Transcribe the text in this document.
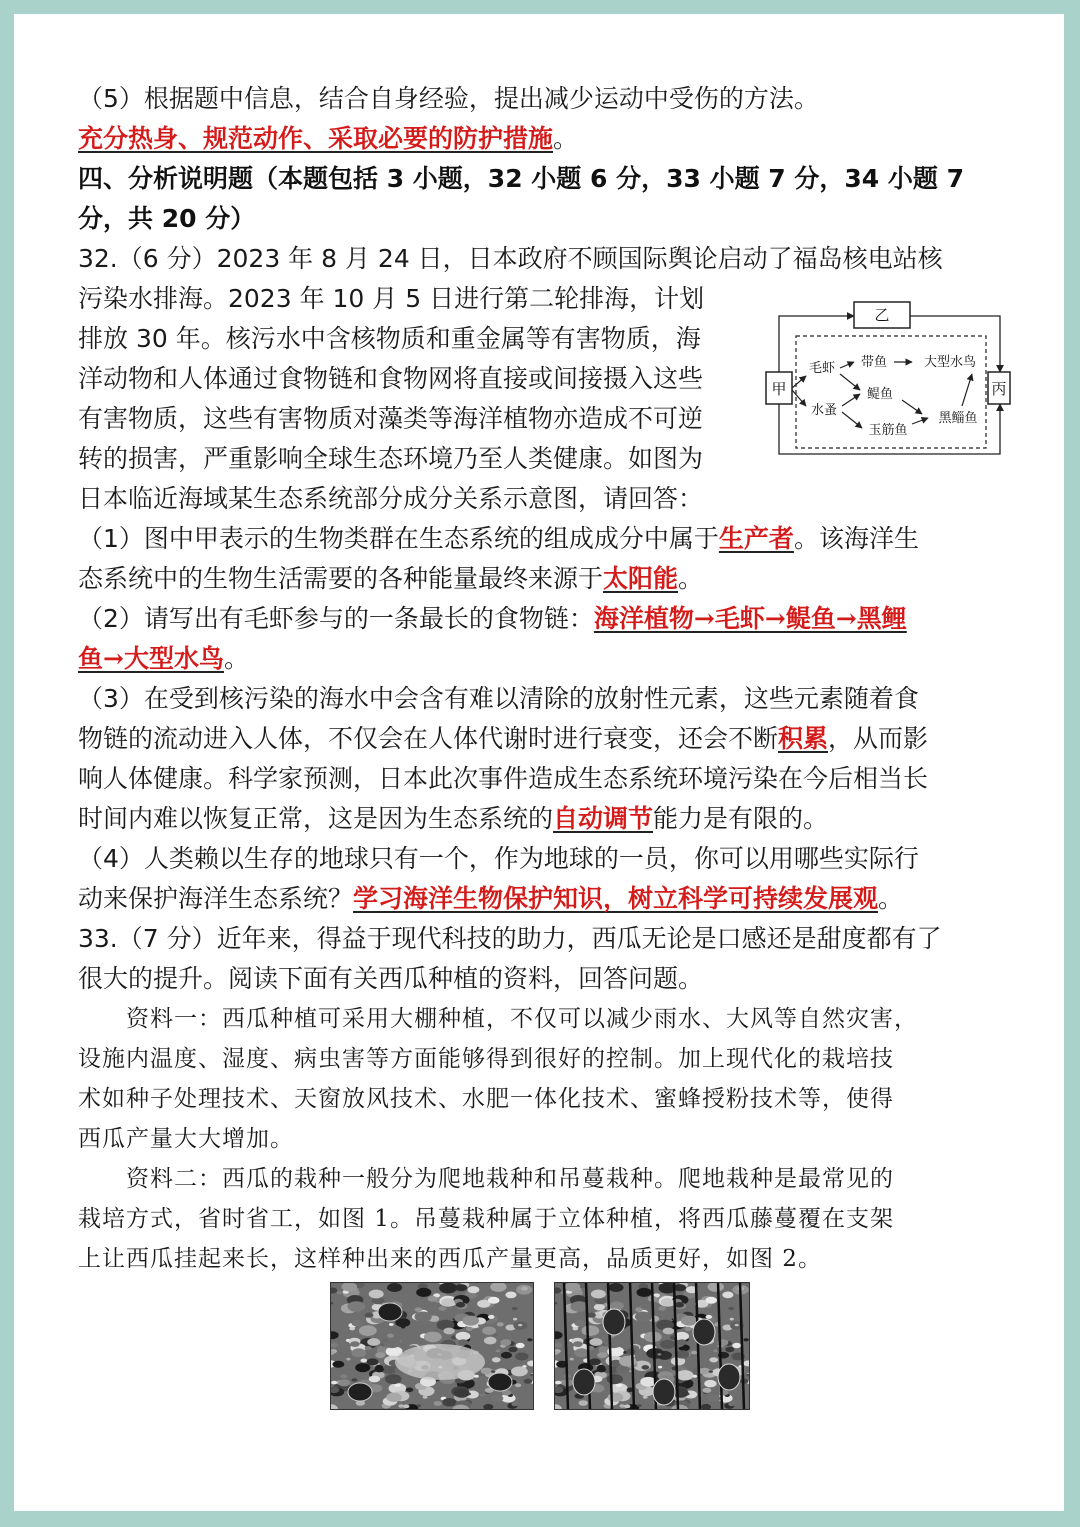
（5）根据题中信息，结合自身经验，提出减少运动中受伤的方法。
充分热身、规范动作、采取必要的防护措施。
四、分析说明题（本题包括 3 小题，32 小题 6 分，33 小题 7 分，34 小题 7
分，共 20 分）
32.（6 分）2023 年 8 月 24 日，日本政府不顾国际舆论启动了福岛核电站核
污染水排海。2023 年 10 月 5 日进行第二轮排海，计划
排放 30 年。核污水中含核物质和重金属等有害物质，海
洋动物和人体通过食物链和食物网将直接或间接摄入这些
有害物质，这些有害物质对藻类等海洋植物亦造成不可逆
转的损害，严重影响全球生态环境乃至人类健康。如图为
日本临近海域某生态系统部分成分关系示意图，请回答：
（1）图中甲表示的生物类群在生态系统的组成成分中属于生产者。该海洋生
态系统中的生物生活需要的各种能量最终来源于太阳能。
（2）请写出有毛虾参与的一条最长的食物链：海洋植物→毛虾→鳀鱼→黑鲤
鱼→大型水鸟。
（3）在受到核污染的海水中会含有难以清除的放射性元素，这些元素随着食
物链的流动进入人体，不仅会在人体代谢时进行衰变，还会不断积累，从而影
响人体健康。科学家预测，日本此次事件造成生态系统环境污染在今后相当长
时间内难以恢复正常，这是因为生态系统的自动调节能力是有限的。
（4）人类赖以生存的地球只有一个，作为地球的一员，你可以用哪些实际行
动来保护海洋生态系统？学习海洋生物保护知识，树立科学可持续发展观。
33.（7 分）近年来，得益于现代科技的助力，西瓜无论是口感还是甜度都有了
很大的提升。阅读下面有关西瓜种植的资料，回答问题。
　　资料一：西瓜种植可采用大棚种植，不仅可以减少雨水、大风等自然灾害，
设施内温度、湿度、病虫害等方面能够得到很好的控制。加上现代化的栽培技
术如种子处理技术、天窗放风技术、水肥一体化技术、蜜蜂授粉技术等，使得
西瓜产量大大增加。
　　资料二：西瓜的栽种一般分为爬地栽种和吊蔓栽种。爬地栽种是最常见的
栽培方式，省时省工，如图 1。吊蔓栽种属于立体种植，将西瓜藤蔓覆在支架
上让西瓜挂起来长，这样种出来的西瓜产量更高，品质更好，如图 2。
乙
甲	丙
毛虾
水蚤
带鱼
鳀鱼
玉筋鱼
大型水鸟
黑鲻鱼
